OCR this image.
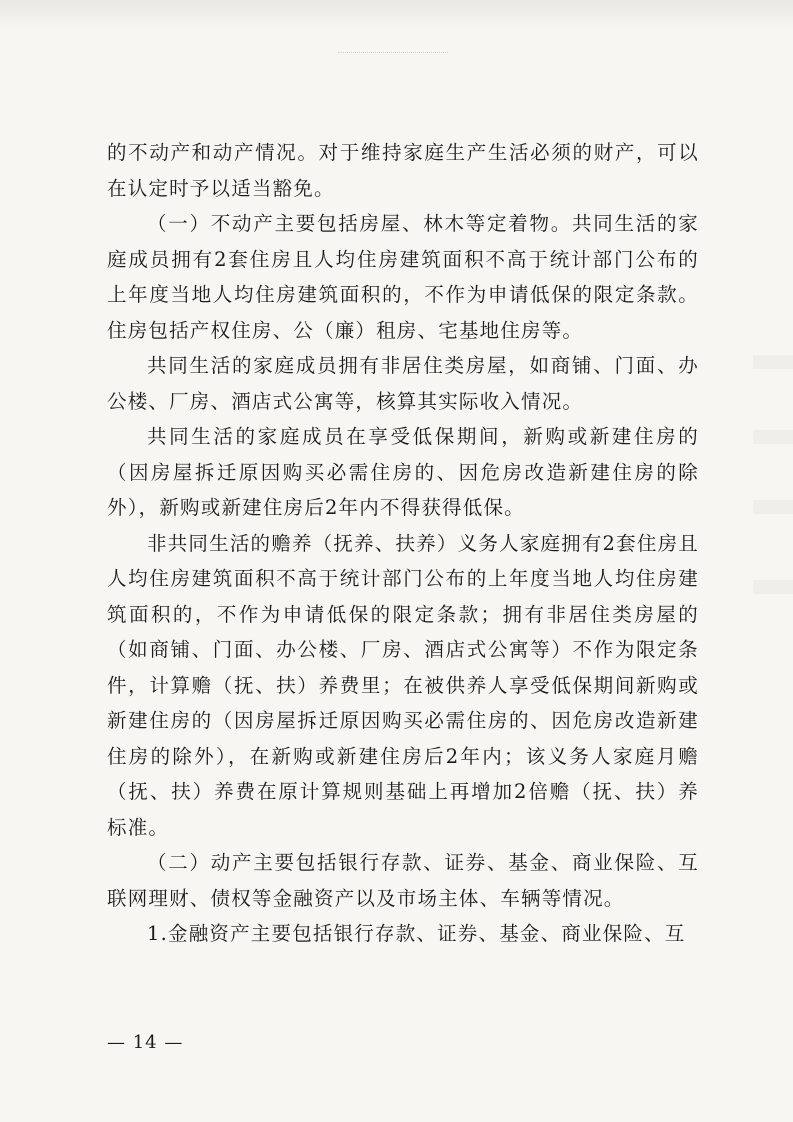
的不动产和动产情况。对于维持家庭生产生活必须的财产，可以在认定时予以适当豁免。

（一）不动产主要包括房屋、林木等定着物。共同生活的家庭成员拥有2套住房且人均住房建筑面积不高于统计部门公布的上年度当地人均住房建筑面积的，不作为申请低保的限定条款。住房包括产权住房、公（廉）租房、宅基地住房等。

共同生活的家庭成员拥有非居住类房屋，如商铺、门面、办公楼、厂房、酒店式公寓等，核算其实际收入情况。

共同生活的家庭成员在享受低保期间，新购或新建住房的（因房屋拆迁原因购买必需住房的、因危房改造新建住房的除外），新购或新建住房后2年内不得获得低保。

非共同生活的赡养（抚养、扶养）义务人家庭拥有2套住房且人均住房建筑面积不高于统计部门公布的上年度当地人均住房建筑面积的，不作为申请低保的限定条款；拥有非居住类房屋的（如商铺、门面、办公楼、厂房、酒店式公寓等）不作为限定条件，计算赡（抚、扶）养费里；在被供养人享受低保期间新购或新建住房的（因房屋拆迁原因购买必需住房的、因危房改造新建住房的除外），在新购或新建住房后2年内；该义务人家庭月赡（抚、扶）养费在原计算规则基础上再增加2倍赡（抚、扶）养标准。

（二）动产主要包括银行存款、证券、基金、商业保险、互联网理财、债权等金融资产以及市场主体、车辆等情况。

1.金融资产主要包括银行存款、证券、基金、商业保险、互

— 14 —
